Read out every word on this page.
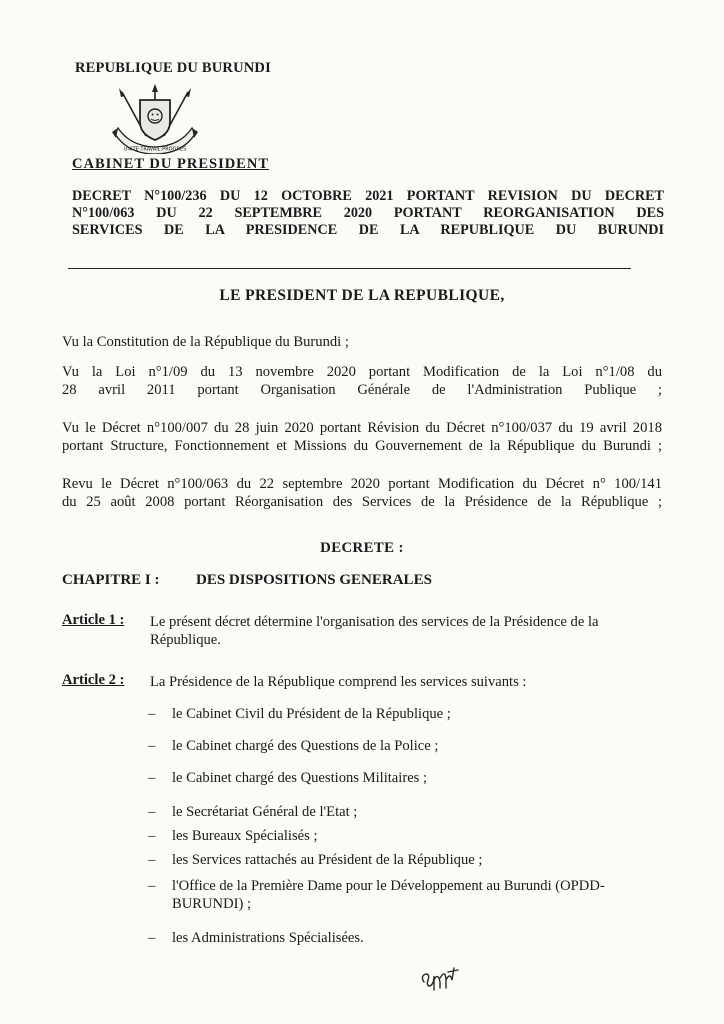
REPUBLIQUE DU BURUNDI
UNITE·TRAVAIL·PROGRES
CABINET DU PRESIDENT
DECRET N°100/236 DU 12 OCTOBRE 2021 PORTANT REVISION DU DECRET
N°100/063 DU 22 SEPTEMBRE 2020 PORTANT REORGANISATION DES
SERVICES DE LA PRESIDENCE DE LA REPUBLIQUE DU BURUNDI
LE PRESIDENT DE LA REPUBLIQUE,
Vu la Constitution de la République du Burundi ;
Vu la Loi n°1/09 du 13 novembre 2020 portant Modification de la Loi n°1/08 du
28 avril 2011 portant Organisation Générale de l'Administration Publique ;
Vu le Décret n°100/007 du 28 juin 2020 portant Révision du Décret n°100/037 du 19 avril 2018
portant Structure, Fonctionnement et Missions du Gouvernement de la République du Burundi ;
Revu le Décret n°100/063 du 22 septembre 2020 portant Modification du Décret n° 100/141
du 25 août 2008 portant Réorganisation des Services de la Présidence de la République ;
DECRETE :
CHAPITRE I : DES DISPOSITIONS GENERALES
Article 1 : Le présent décret détermine l'organisation des services de la Présidence de la
République.
Article 2 : La Présidence de la République comprend les services suivants :
– le Cabinet Civil du Président de la République ;
– le Cabinet chargé des Questions de la Police ;
– le Cabinet chargé des Questions Militaires ;
– le Secrétariat Général de l'Etat ;
– les Bureaux Spécialisés ;
– les Services rattachés au Président de la République ;
– l'Office de la Première Dame pour le Développement au Burundi (OPDD-
BURUNDI) ;
– les Administrations Spécialisées.
